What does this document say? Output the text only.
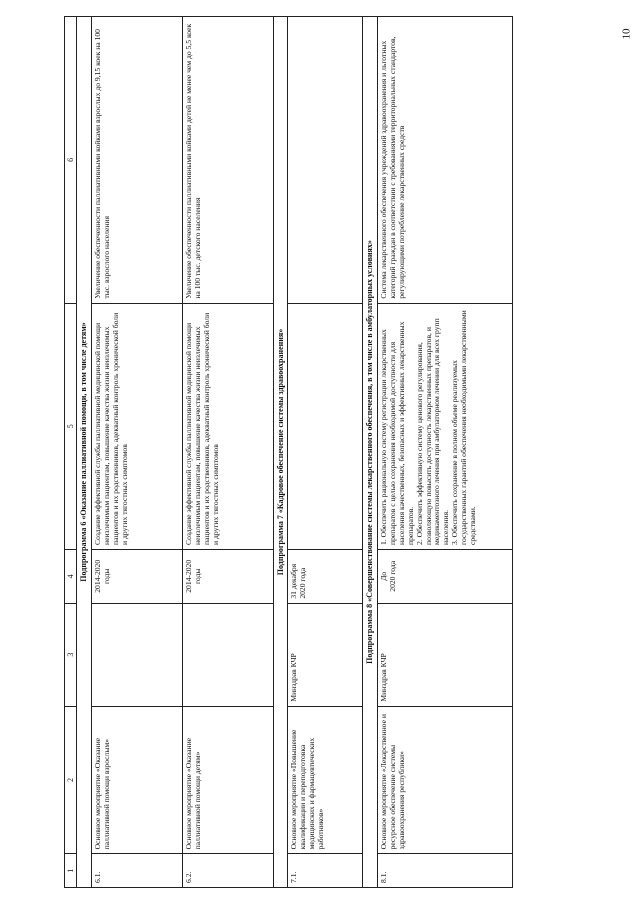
10
1	2	3	4	5	6
Подпрограмма 6 «Оказание паллиативной помощи, в том числе детям»					
6.1.	Основное мероприятие «Оказание паллиативной помощи взрослым»		2014-2020
годы	Создание эффективной службы паллиативной медицинской помощи неизлечимым пациентам, повышение качества жизни неизлечимых пациентов и их родственников, адекватный контроль хронической боли и других тягостных симптомов	Увеличение обеспеченности паллиативными койками взрослых до 9,15 коек на 100 тыс. взрослого населения
6.2.	Основное мероприятие «Оказание паллиативной помощи детям»		2014-2020
годы	Создание эффективной службы паллиативной медицинской помощи неизлечимым пациентам, повышение качества жизни неизлечимых пациентов и их родственников, адекватный контроль хронической боли и других тягостных симптомов	Увеличение обеспеченности паллиативными койками детей не менее чем до 5,5 коек на 100 тыс. детского населения
Подпрограмма 7 «Кадровое обеспечение системы здравоохранения»					
7.1.	Основное мероприятие «Повышение квалификации и переподготовка медицинских и фармацевтических работников»	Минздрав КЧР	31 декабря
2020 года		
Подпрограмма 8 «Совершенствование системы лекарственного обеспечения, в том числе в амбулаторных условиях»					
8.1.	Основное мероприятие «Лекарственное и ресурсное обеспечение системы здравоохранения республики»	Минздрав КЧР	До
2020 года	1. Обеспечить рациональную систему регистрации лекарственных препаратов с целью сохранения необходимой доступности для населения качественных, безопасных и эффективных лекарственных препаратов.
2. Обеспечить эффективную систему ценового регулирования, позволяющую повысить доступность лекарственных препаратов, и медикаментозного лечения при амбулаторном лечении для всех групп населения.
3. Обеспечить сохранение в полном объеме реализуемых государственных гарантий обеспечения необходимыми лекарственными средствами.	Система лекарственного обеспечения учреждений здравоохранения и льготных категорий граждан в соответствии с требованиями территориальных стандартов, регулирующими потребление лекарственных средств
